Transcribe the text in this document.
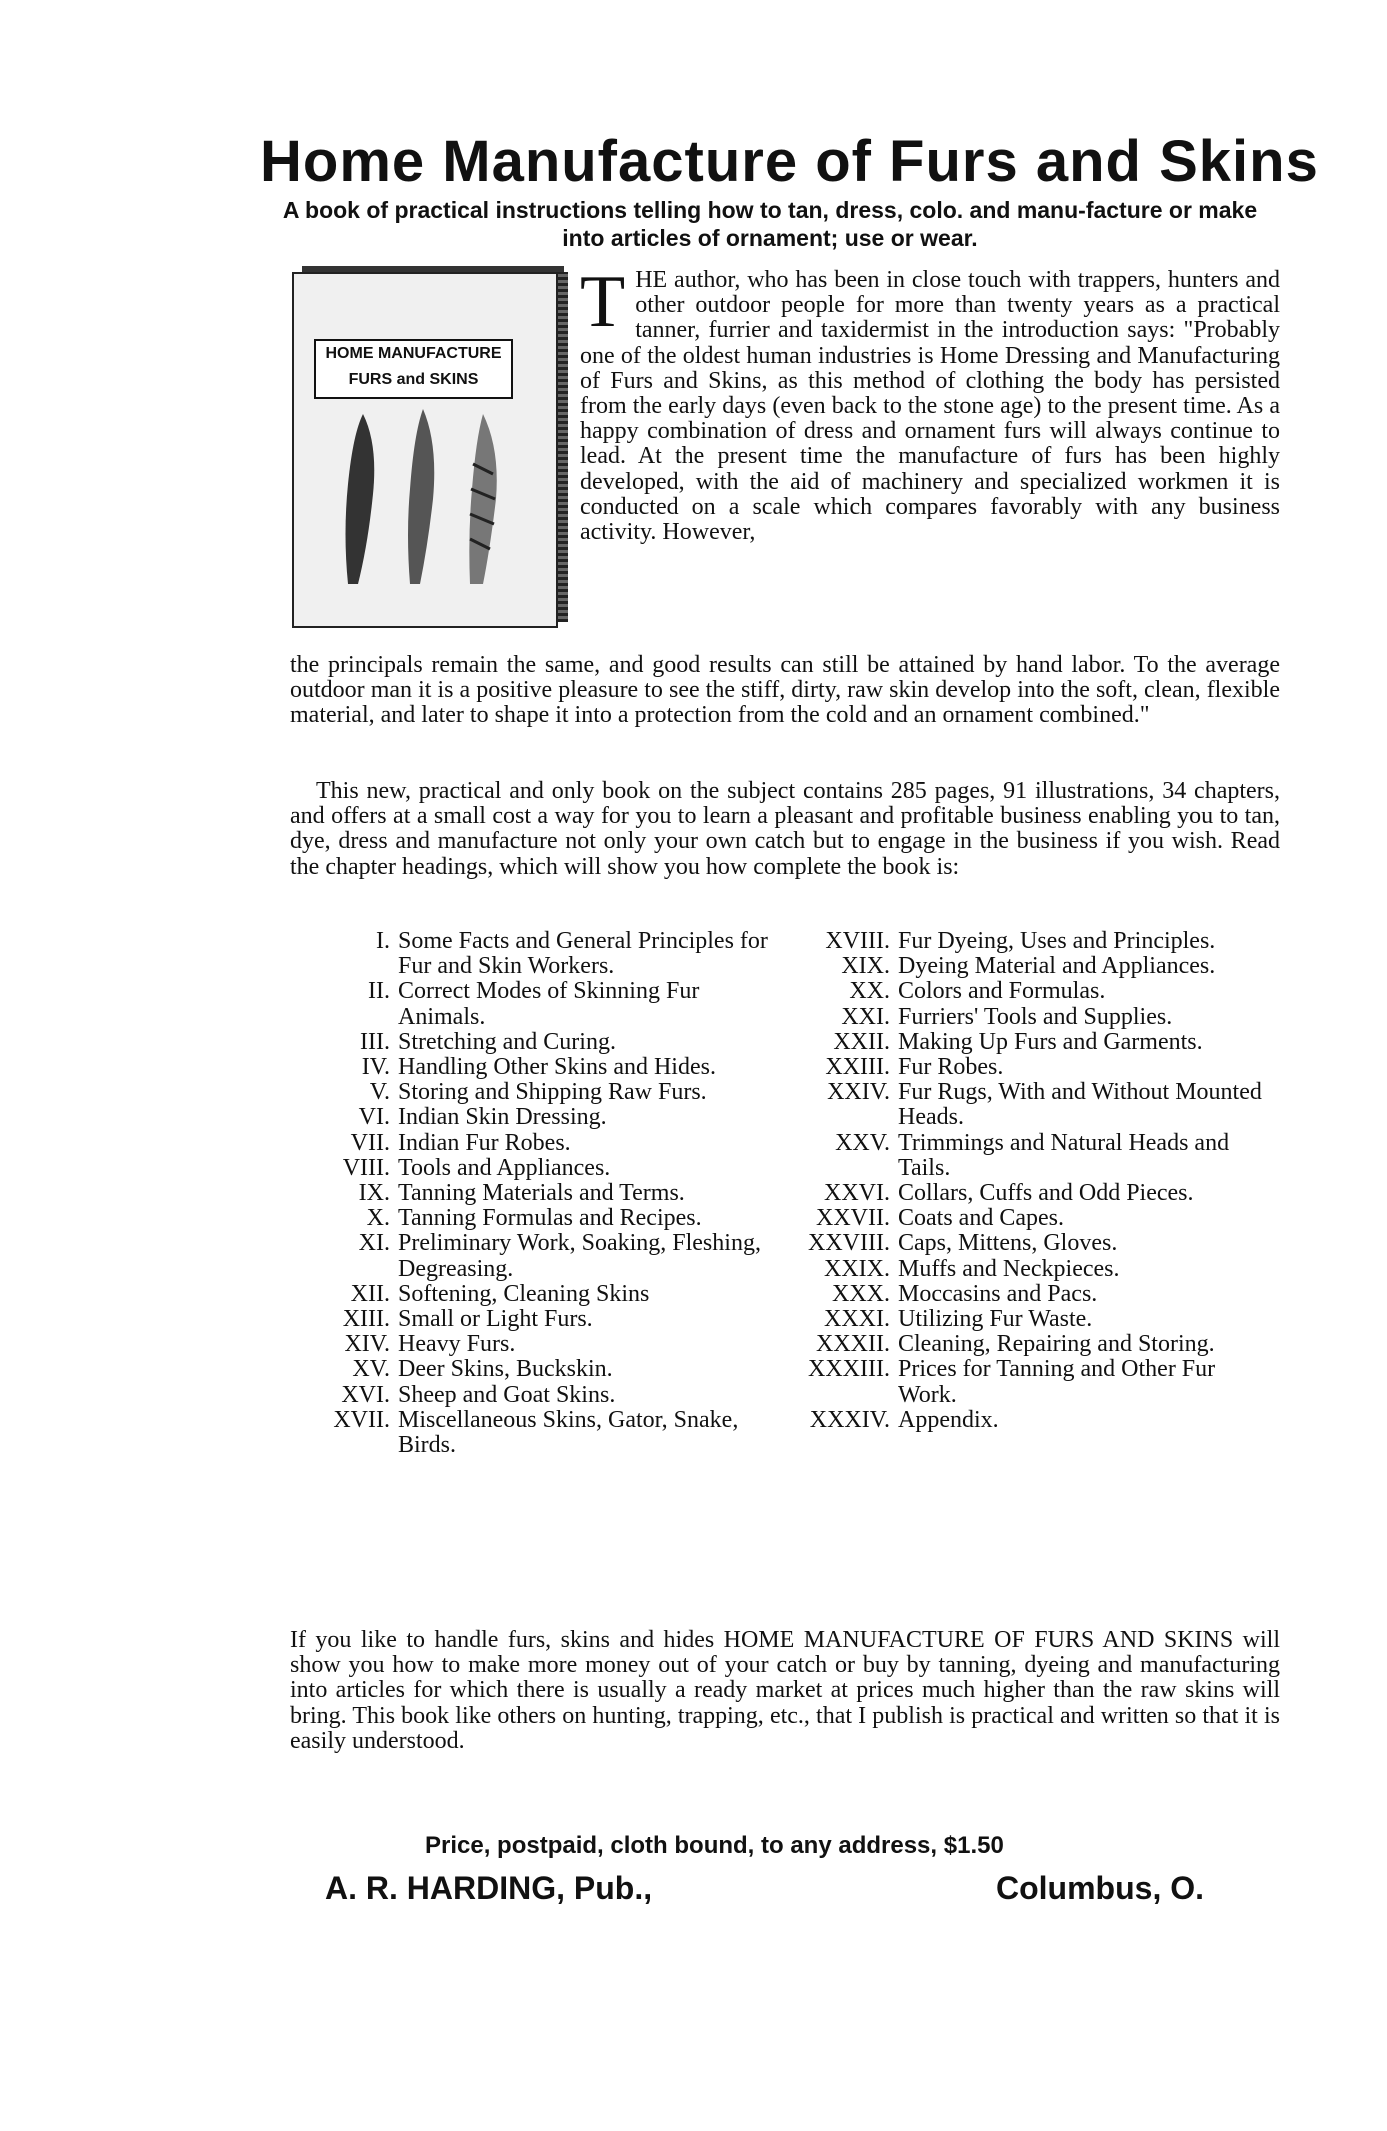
Home Manufacture of Furs and Skins
A book of practical instructions telling how to tan, dress, colo. and manu-facture or make into articles of ornament; use or wear.
HOME MANUFACTURE
FURS and SKINS
THE author, who has been in close touch with trappers, hunters and other outdoor people for more than twenty years as a practical tanner, furrier and taxidermist in the introduction says: "Probably one of the oldest human industries is Home Dressing and Manufacturing of Furs and Skins, as this method of clothing the body has persisted from the early days (even back to the stone age) to the present time. As a happy combination of dress and ornament furs will always continue to lead. At the present time the manufacture of furs has been highly developed, with the aid of machinery and specialized workmen it is conducted on a scale which compares favorably with any business activity. However,
the principals remain the same, and good results can still be attained by hand labor. To the average outdoor man it is a positive pleasure to see the stiff, dirty, raw skin develop into the soft, clean, flexible material, and later to shape it into a protection from the cold and an ornament combined."
This new, practical and only book on the subject contains 285 pages, 91 illustrations, 34 chapters, and offers at a small cost a way for you to learn a pleasant and profitable business enabling you to tan, dye, dress and manufacture not only your own catch but to engage in the business if you wish. Read the chapter headings, which will show you how complete the book is:
I. Some Facts and General Principles for Fur and Skin Workers.
II. Correct Modes of Skinning Fur Animals.
III. Stretching and Curing.
IV. Handling Other Skins and Hides.
V. Storing and Shipping Raw Furs.
VI. Indian Skin Dressing.
VII. Indian Fur Robes.
VIII. Tools and Appliances.
IX. Tanning Materials and Terms.
X. Tanning Formulas and Recipes.
XI. Preliminary Work, Soaking, Fleshing, Degreasing.
XII. Softening, Cleaning Skins
XIII. Small or Light Furs.
XIV. Heavy Furs.
XV. Deer Skins, Buckskin.
XVI. Sheep and Goat Skins.
XVII. Miscellaneous Skins, Gator, Snake, Birds.
XVIII. Fur Dyeing, Uses and Principles.
XIX. Dyeing Material and Appliances.
XX. Colors and Formulas.
XXI. Furriers' Tools and Supplies.
XXII. Making Up Furs and Garments.
XXIII. Fur Robes.
XXIV. Fur Rugs, With and Without Mounted Heads.
XXV. Trimmings and Natural Heads and Tails.
XXVI. Collars, Cuffs and Odd Pieces.
XXVII. Coats and Capes.
XXVIII. Caps, Mittens, Gloves.
XXIX. Muffs and Neckpieces.
XXX. Moccasins and Pacs.
XXXI. Utilizing Fur Waste.
XXXII. Cleaning, Repairing and Storing.
XXXIII. Prices for Tanning and Other Fur Work.
XXXIV. Appendix.
If you like to handle furs, skins and hides HOME MANUFACTURE OF FURS AND SKINS will show you how to make more money out of your catch or buy by tanning, dyeing and manufacturing into articles for which there is usually a ready market at prices much higher than the raw skins will bring. This book like others on hunting, trapping, etc., that I publish is practical and written so that it is easily understood.
Price, postpaid, cloth bound, to any address, $1.50
A. R. HARDING, Pub.,	Columbus, O.
